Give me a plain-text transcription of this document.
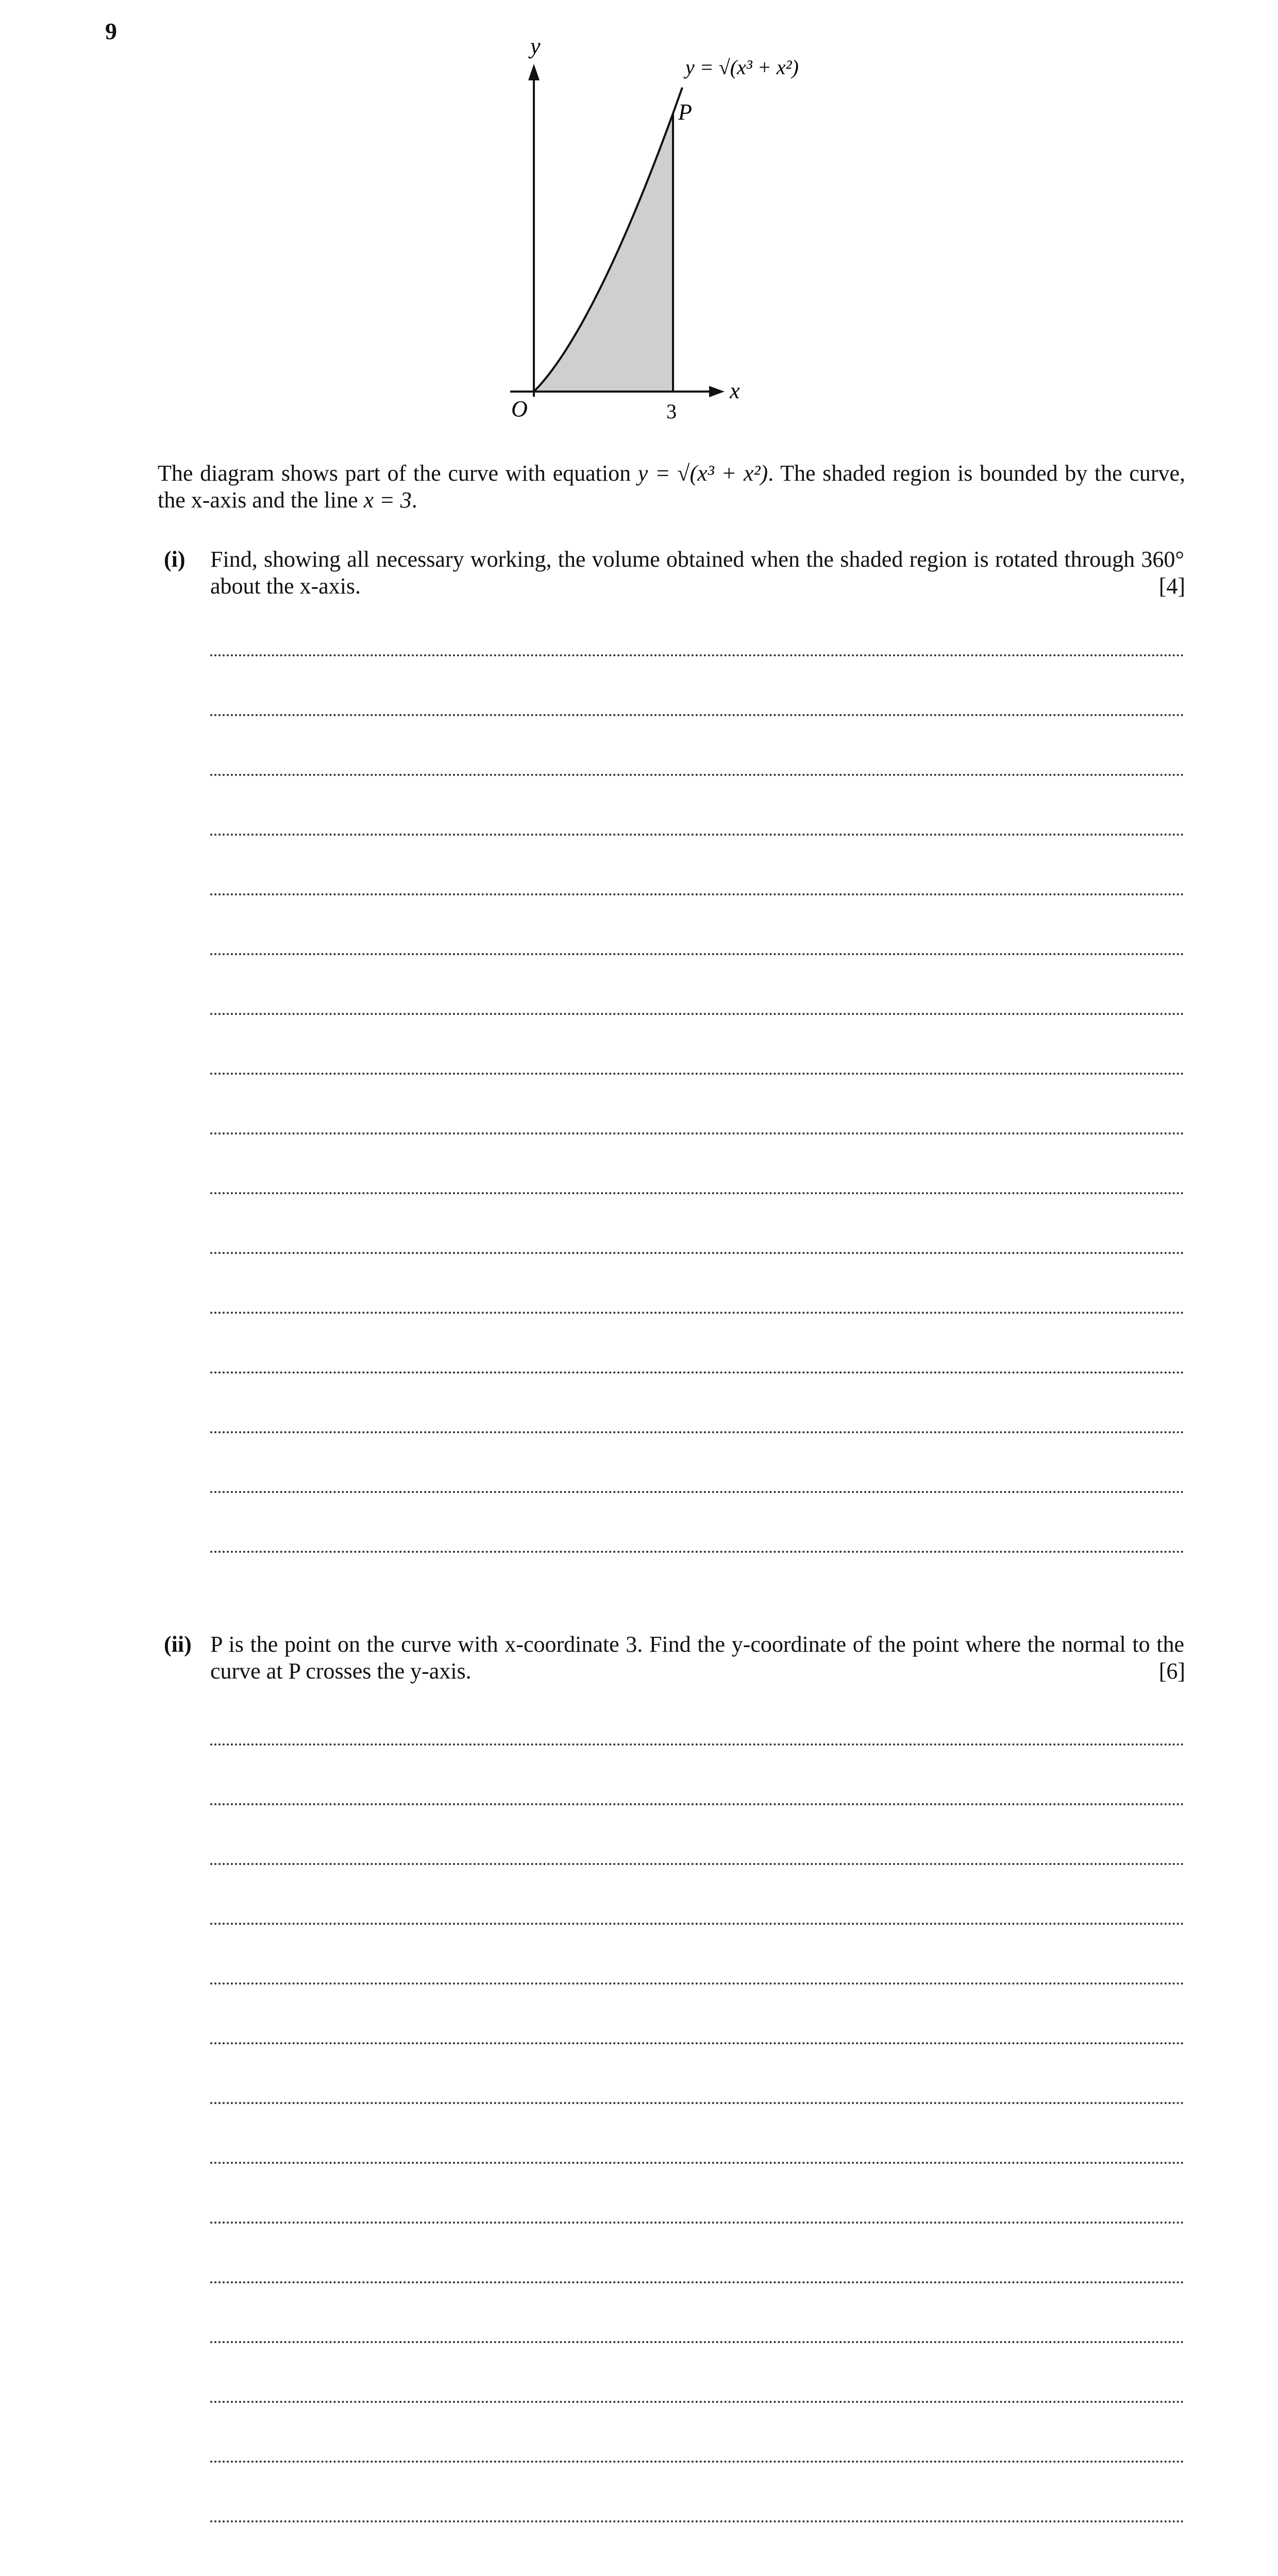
9
y
x
O	3
P
y = √(x³ + x²)
The diagram shows part of the curve with equation y = √(x³ + x²). The shaded region is bounded by the curve, the x-axis and the line x = 3.
(i) Find, showing all necessary working, the volume obtained when the shaded region is rotated through 360° about the x-axis.	[4]
(ii) P is the point on the curve with x-coordinate 3. Find the y-coordinate of the point where the normal to the curve at P crosses the y-axis.	[6]
